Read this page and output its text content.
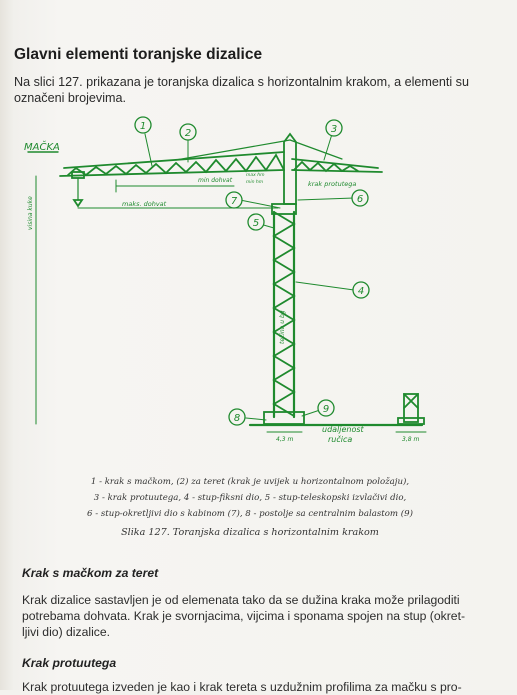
Glavni elementi toranjske dizalice

Na slici 127. prikazana je toranjska dizalica s horizontalnim krakom, a elementi su označeni brojevima.

1
2	3
4
5
6
7
8
9
MAČKA
krak protutega
maks. dohvat
min dohvat
max hm
min hm
visina kuke
težina u bg
udaljenost
ručica
4,3 m	3,8 m
1 - krak s mačkom, (2) za teret (krak je uvijek u horizontalnom položaju),
3 - krak protuutega, 4 - stup-fiksni dio, 5 - stup-teleskopski izvlačivi dio,
6 - stup-okretljivi dio s kabinom (7), 8 - postolje sa centralnim balastom (9)
Slika 127. Toranjska dizalica s horizontalnim krakom
Krak s mačkom za teret
Krak dizalice sastavljen je od elemenata tako da se dužina kraka može prilagoditi
potrebama dohvata. Krak je svornjacima, vijcima i sponama spojen na stup (okret-
ljivi dio) dizalice.
Krak protuutega
Krak protuutega izveden je kao i krak tereta s uzdužnim profilima za mačku s pro-
